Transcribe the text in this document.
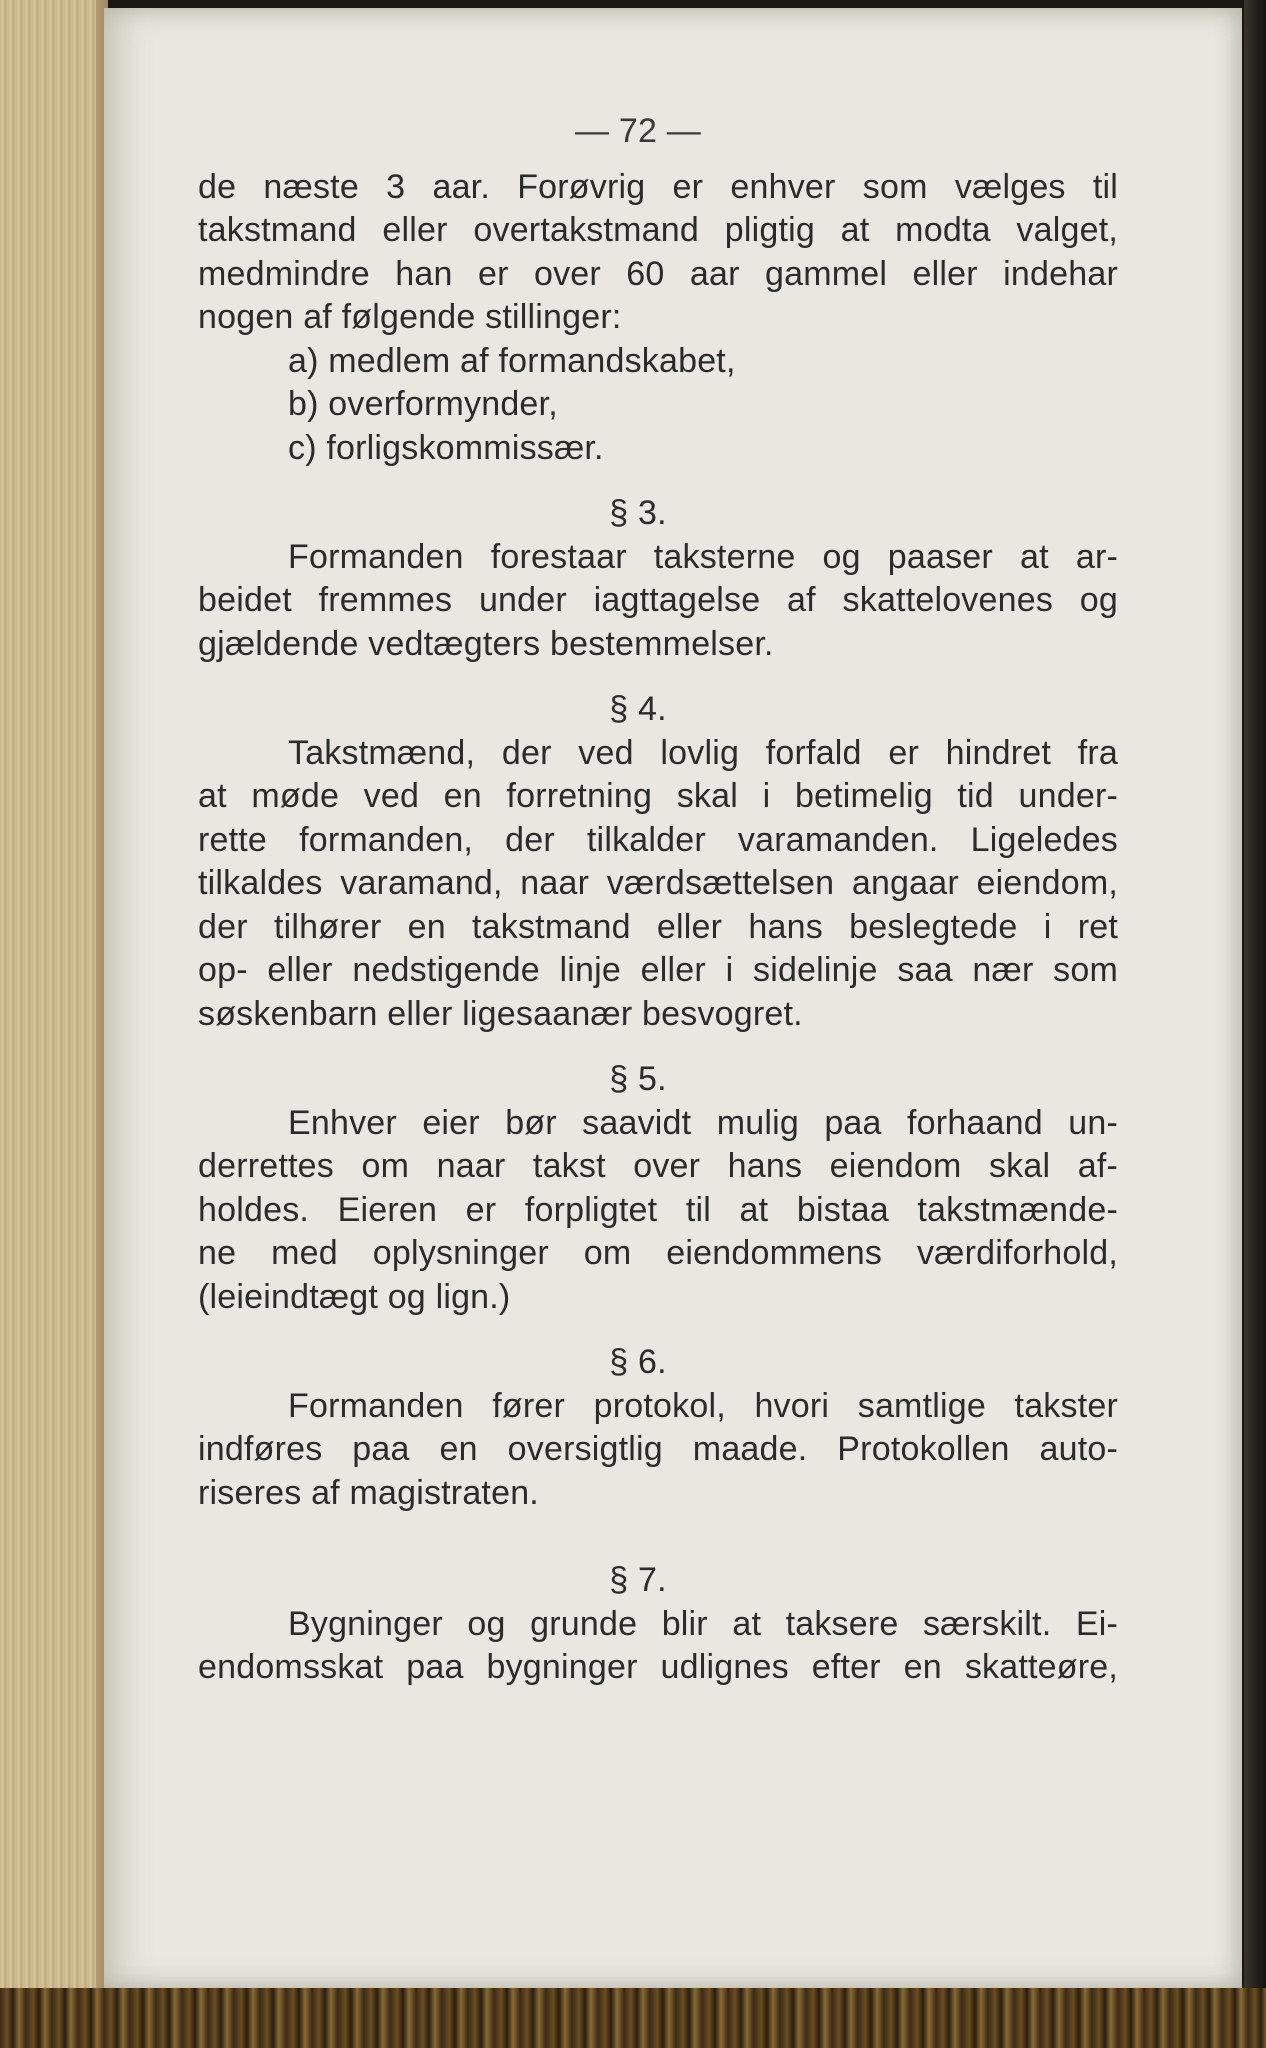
— 72 —
de næste 3 aar. Forøvrig er enhver som vælges til
takstmand eller overtakstmand pligtig at modta valget,
medmindre han er over 60 aar gammel eller indehar
nogen af følgende stillinger:
a) medlem af formandskabet,
b) overformynder,
c) forligskommissær.
§ 3.
Formanden forestaar taksterne og paaser at ar-
beidet fremmes under iagttagelse af skattelovenes og
gjældende vedtægters bestemmelser.
§ 4.
Takstmænd, der ved lovlig forfald er hindret fra
at møde ved en forretning skal i betimelig tid under-
rette formanden, der tilkalder varamanden. Ligeledes
tilkaldes varamand, naar værdsættelsen angaar eiendom,
der tilhører en takstmand eller hans beslegtede i ret
op- eller nedstigende linje eller i sidelinje saa nær som
søskenbarn eller ligesaanær besvogret.
§ 5.
Enhver eier bør saavidt mulig paa forhaand un-
derrettes om naar takst over hans eiendom skal af-
holdes. Eieren er forpligtet til at bistaa takstmænde-
ne med oplysninger om eiendommens værdiforhold,
(leieindtægt og lign.)
§ 6.
Formanden fører protokol, hvori samtlige takster
indføres paa en oversigtlig maade. Protokollen auto-
riseres af magistraten.
§ 7.
Bygninger og grunde blir at taksere særskilt. Ei-
endomsskat paa bygninger udlignes efter en skatteøre,
